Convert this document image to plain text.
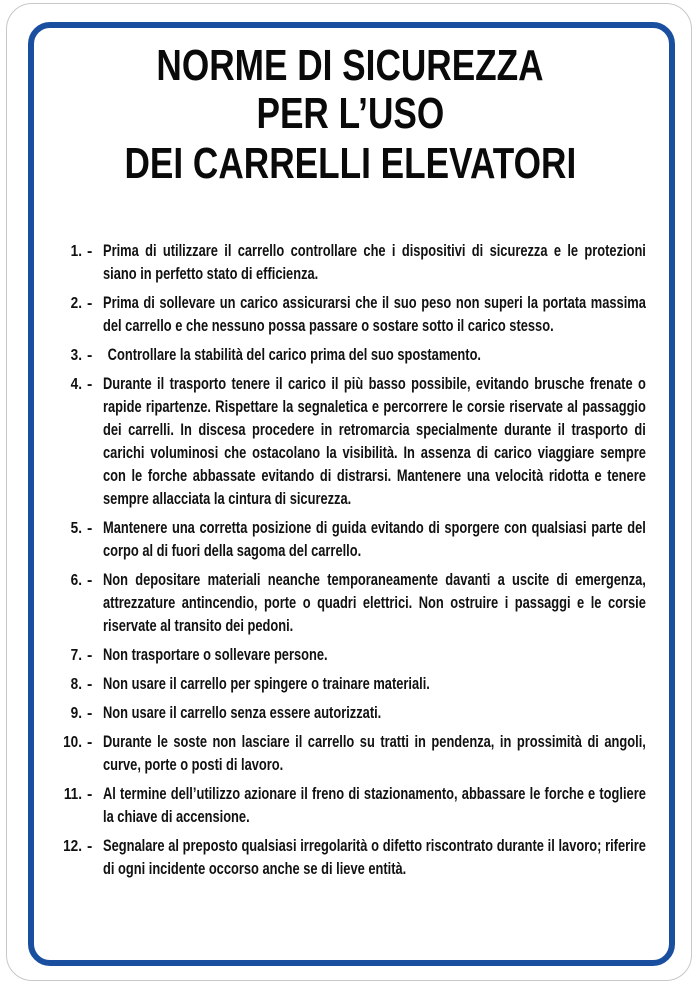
NORME DI SICUREZZA
PER L’USO
DEI CARRELLI ELEVATORI
1. - Prima di utilizzare il carrello controllare che i dispositivi di sicurezza e le protezioni siano in perfetto stato di efficienza.
2. - Prima di sollevare un carico assicurarsi che il suo peso non superi la portata massima del carrello e che nessuno possa passare o sostare sotto il carico stesso.
3. - Controllare la stabilità del carico prima del suo spostamento.
4. - Durante il trasporto tenere il carico il più basso possibile, evitando brusche frenate o rapide ripartenze. Rispettare la segnaletica e percorrere le corsie riservate al passaggio dei carrelli. In discesa procedere in retromarcia specialmente durante il trasporto di carichi voluminosi che ostacolano la visibilità. In assenza di carico viaggiare sempre con le forche abbassate evitando di distrarsi. Mantenere una velocità ridotta e tenere sempre allacciata la cintura di sicurezza.
5. - Mantenere una corretta posizione di guida evitando di sporgere con qualsiasi parte del corpo al di fuori della sagoma del carrello.
6. - Non depositare materiali neanche temporaneamente davanti a uscite di emergenza, attrezzature antincendio, porte o quadri elettrici. Non ostruire i passaggi e le corsie riservate al transito dei pedoni.
7. - Non trasportare o sollevare persone.
8. - Non usare il carrello per spingere o trainare materiali.
9. - Non usare il carrello senza essere autorizzati.
10. - Durante le soste non lasciare il carrello su tratti in pendenza, in prossimità di angoli, curve, porte o posti di lavoro.
11. - Al termine dell’utilizzo azionare il freno di stazionamento, abbassare le forche e togliere la chiave di accensione.
12. - Segnalare al preposto qualsiasi irregolarità o difetto riscontrato durante il lavoro; riferire di ogni incidente occorso anche se di lieve entità.
